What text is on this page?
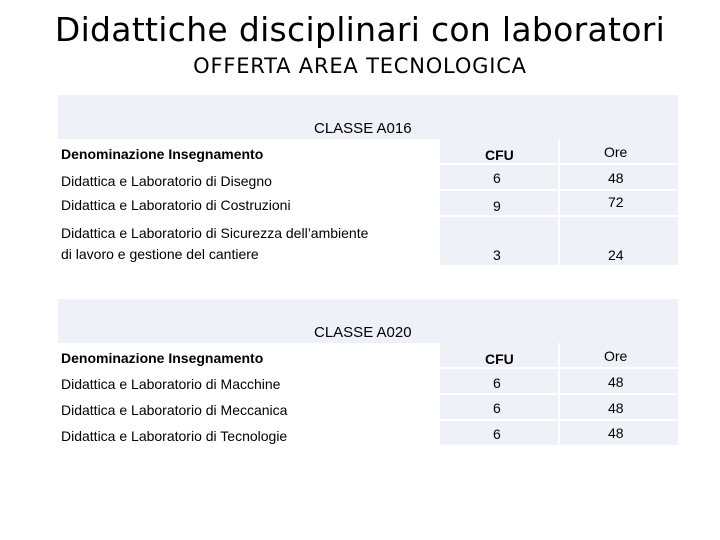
Didattiche disciplinari con laboratori
OFFERTA AREA TECNOLOGICA
CLASSE A016
Denominazione Insegnamento	CFU	Ore
Didattica e Laboratorio di Disegno	6	48
Didattica e Laboratorio di Costruzioni	9	72
Didattica e Laboratorio di Sicurezza dell’ambiente
di lavoro e gestione del cantiere	3	24
CLASSE A020
Denominazione Insegnamento	CFU	Ore
Didattica e Laboratorio di Macchine	6	48
Didattica e Laboratorio di Meccanica	6	48
Didattica e Laboratorio di Tecnologie	6	48
